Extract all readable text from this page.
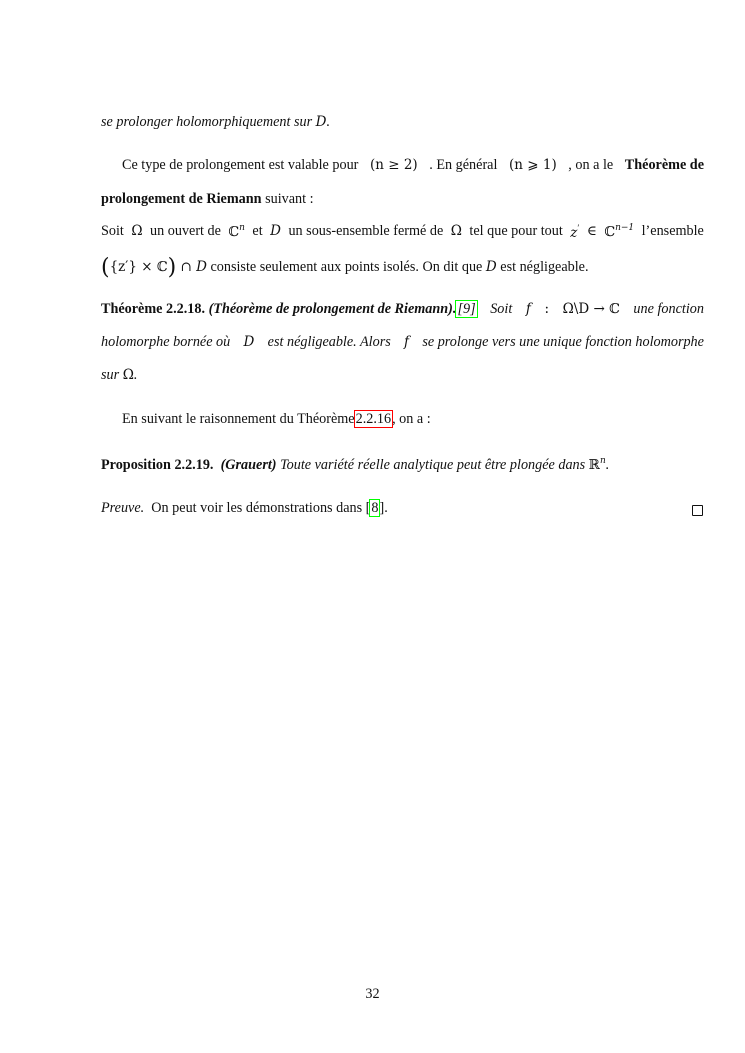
se prolonger holomorphiquement sur D.
Ce type de prolongement est valable pour (n ≥ 2) . En général (n ⩾ 1) , on a le Théorème de
prolongement de Riemann suivant :
Soit Ω un ouvert de ℂ$^n$ et D un sous-ensemble fermé de Ω tel que pour tout z′ ∈ ℂ$^{n-1}$ l’ensemble
({z′} × ℂ) ∩ D consiste seulement aux points isolés. On dit que D est négligeable.
Théorème 2.2.18. (Théorème de prolongement de Riemann).[9] Soit f : Ω\D → ℂ une fonction
holomorphe bornée où D est négligeable. Alors f se prolonge vers une unique fonction holomorphe
sur Ω.
En suivant le raisonnement du Théorème2.2.16, on a :
Proposition 2.2.19. (Grauert) Toute variété réelle analytique peut être plongée dans ℝ$^n$.
Preuve. On peut voir les démonstrations dans [8].
32
